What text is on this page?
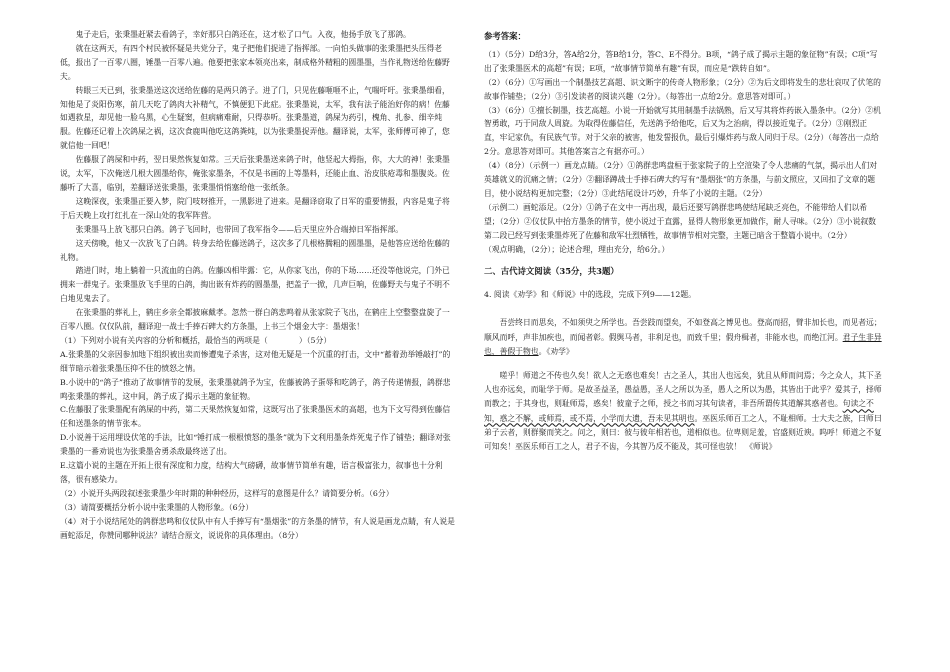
鬼子走后，张秉墨赶紧去看鸽子，幸好那只白鸽还在，这才松了口气。入夜，他扬手放飞了那鸽。

就在这两天，有四个村民被怀疑是共党分子，鬼子把他们捉进了指挥部。一向怕头做事的张秉墨把头压得老低，报出了一百零八圈，锤墨一百零八遍。他要把张家本领亮出来，制成格外精粗的圆墨墨，当作礼物送给佐藤野夫。

转眼三天已到，张秉墨送这次送给佐藤的是两只鸽子。进了门，只见佐藤咂咂不止，气喘吁吁。张秉墨细看，知他是了炎阳伤寒，前几天吃了鸽肉大补精气，不慎便犯下此症。张秉墨说，太军，我有法子能治好你的病！佐藤如遇救星，却见他一脸乌黑，心生疑窦，但病痛难耐，只得恭听。张秉墨道，鸽屎为药引，槐角、扎参、细辛炖服。佐藤还记着上次鸽屎之祸，这次食鹿叫他吃这鸽粪炖，以为张秉墨捉弄他。翻译说，太军，张师傅可神了，您就信他一回吧！

佐藤服了鸽屎和中药，翌日果然恢复如常。三天后张秉墨送来鸽子时，他竖起大拇指，你，大大的神！张秉墨说，太军，下次俺送几根大圆墨给你，俺张家墨条，不仅是书画的上等墨料，还能止血、治皮肤疮毒和墨腹炎。佐藤听了大喜，临别，差翻译送张秉墨，张秉墨悄悄塞给他一张纸条。

这晚深夜，张秉墨正要入梦，院门吱呀推开，一黑影进了进来。是翻译窃取了日军的重要情报，内容是鬼子将于后天晚上攻打红扎在一深山处的我军阵营。

张秉墨马上放飞那只白鸽。鸽子飞回时，也带回了我军指令——后天里应外合端掉日军指挥部。

这天傍晚，他又一次放飞了白鸽。转身去给佐藤送鸽子，这次多了几根格腾粗的圆墨墨，是他答应送给佐藤的礼物。

踏进门时，地上躺着一只流血的白鸽。佐藤凶相毕露：它，从你家飞出，你的下场……还没等他说完，门外已拥来一群鬼子。张秉墨放飞手里的白鸽，掏出嵌有炸药的圆墨墨，把盖子一掀，几声巨响，佐藤野夫与鬼子不明不白地见鬼去了。

在张秉墨的葬礼上，鹤庄乡亲全都披麻戴孝。忽然一群白鸽悲鸣着从张家院子飞出，在鹤庄上空整整盘旋了一百零八圈。仅仅队前，翻译迎一战士手捧石碑大约方条墨，上书三个烟金大字：墨烟张！

（1）下列对小说有关内容的分析和概括，最恰当的两项是（　　　　）（5分）

A.张秉墨的父亲因参加地下组织被出卖而惨遭鬼子杀害，这对他无疑是一个沉重的打击，文中“蓄着劲举锤敲打”的细节暗示着张秉墨压抑不住的愤怒之情。

B.小说中的“鸽子”推动了故事情节的发展，张秉墨就鸽予为宝，佐藤被鸽子蛋辱和吃鸽子，鸽子传递情报，鸽群悲鸣张秉墨的葬礼，这中间，鸽子成了揭示主题的象征物。

C.佐藤服了张秉墨配有鸽屎的中药，第二天果然恢复如常，这既写出了张秉墨医术的高超，也为下文写得到佐藤信任和送墨条的情节张本。

D.小说善于运用埋设伏笔的手法，比如“锤打成一根根愤怒的墨条”就为下文利用墨条炸死鬼子作了铺垫；翻译对张秉墨的一番劝说也为张秉墨舍勇杀敌最终送了出。

E.这篇小说的主题在开拓上很有深度和力度，结构大气磅礴，故事情节简单有趣，语言极富张力，叙事也十分利落，很有感染力。

（2）小说开头两段叙述张秉墨少年时期的种种经历，这样写的意图是什么？请简要分析。（6分）

（3）请简要概括分析小说中张秉墨的人物形象。（6分）

（4）对于小说结尾处的鸽群悲鸣和仪仗队中有人手捧写有“墨烟张”的方条墨的情节，有人说是画龙点睛，有人说是画蛇添足，你赞同哪种说法？请结合原文，说说你的具体理由。（8分）

参考答案：

（1）（5分）D给3分，答A给2分，答B给1分，答C、E不得分。B项，“鸽子成了揭示主题的象征物”有误；C项“写出了张秉墨医术的高超”有误；E项，“故事情节简单有趣”有误，而应是“跌转自如”。

（2）（6分）①写画出一个制墨技艺高超、识文断字的传奇人物形象；（2分）②为后文即将发生的悲壮哀叹了伏笔的故事作铺垫；（2分）③引发读者的阅读兴趣（2分）。（每答出一点给2分。意思答对即可。）

（3）（6分）①擅长制墨，技艺高超。小说一开始就写其用制墨手法锅熟，后又写其将炸药嵌入墨条中。（2分）②机智勇敢，巧于同敌人周旋。为取得佐藤信任，先送鸽予给他吃，后又为之治病，得以接近鬼子。（2分）③刚烈正直，牢记家仇，有民族气节。对于父亲的被害，他发誓报仇，最后引爆炸药与敌人同归于尽。（2分）（每答出一点给2分。意思答对即可。其他答案言之有据亦可。）

（4）（8分）（示例一）画龙点睛。（2分）①鸽群悲鸣盘桓于张家院子的上空渲染了令人悲痛的气氛，揭示出人们对英雄就义的沉痛之情；（2分）②翻译蹲战士手捧石碑大约写有“墨烟张”的方条墨，与前文照应，又回扣了文章的题目，使小说结构更加完整；（2分）③此结尾设计巧妙，升华了小说的主题。（2分）

（示例二）画蛇添足。（2分）①鸽子在文中一再出现，最后还要写鸽群悲鸣使结尾缺乏亮色，不能带给人们以希望；（2分）②仪仗队中抬方墨条的情节，使小说过于直露，显得人物形象更加做作，耐人寻味。（2分）③小说叙数第二段已经写到张秉墨炸死了佐藤和敌军壮烈牺牲，故事情节相对完整，主题已暗含于整篇小说中。（2分）

（观点明确，（2分）；论述合理，理由充分，给6分。）

二、古代诗文阅读（35分，共3题）

4. 阅读《劝学》和《师说》中的选段，完成下列9——12题。

吾尝终日而思矣，不如须臾之所学也。吾尝跂而望矣，不如登高之博见也。登高而招，臂非加长也，而见者远；顺风而呼，声非加疾也，而闻者彰。假舆马者，非利足也，而致千里；假舟楫者，非能水也，而绝江河。君子生非异也，善假于物也。《劝学》

嗟乎！师道之不传也久矣！欲人之无惑也难矣！古之圣人，其出人也远矣，犹且从师而问焉；今之众人，其下圣人也亦远矣，而耻学于师。是故圣益圣，愚益愚，圣人之所以为圣，愚人之所以为愚，其皆出于此乎？爱其子，择师而教之；于其身也，则耻师焉，惑矣！彼童子之师，授之书而习其句读者，非吾所谓传其道解其惑者也。句读之不知，惑之不解，或师焉，或不焉，小学而大遗，吾未见其明也。巫医乐师百工之人，不耻相师。士大夫之族，曰师曰弟子云者，则群聚而笑之。问之，则曰：彼与彼年相若也，道相似也。位卑则足羞，官盛则近谀。呜呼！师道之不复可知矣！巫医乐师百工之人，君子不齿，今其智乃反不能及，其可怪也欤！　《师说》
